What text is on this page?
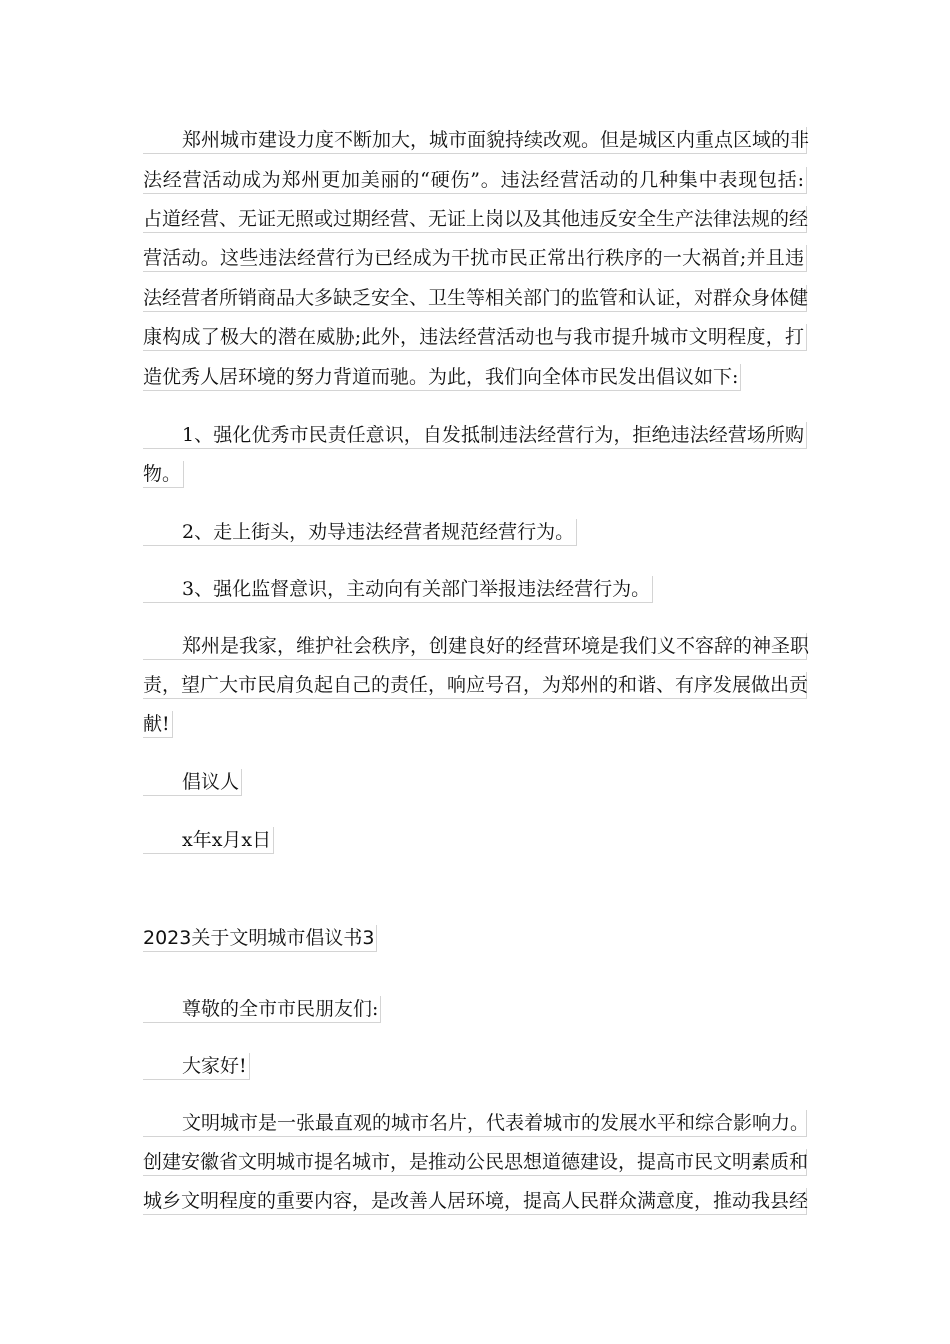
郑州城市建设力度不断加大，城市面貌持续改观。但是城区内重点区域的非
法经营活动成为郑州更加美丽的“硬伤”。违法经营活动的几种集中表现包括:
占道经营、无证无照或过期经营、无证上岗以及其他违反安全生产法律法规的经
营活动。这些违法经营行为已经成为干扰市民正常出行秩序的一大祸首;并且违
法经营者所销商品大多缺乏安全、卫生等相关部门的监管和认证，对群众身体健
康构成了极大的潜在威胁;此外，违法经营活动也与我市提升城市文明程度，打
造优秀人居环境的努力背道而驰。为此，我们向全体市民发出倡议如下:
1、强化优秀市民责任意识，自发抵制违法经营行为，拒绝违法经营场所购
物。
2、走上街头，劝导违法经营者规范经营行为。
3、强化监督意识，主动向有关部门举报违法经营行为。
郑州是我家，维护社会秩序，创建良好的经营环境是我们义不容辞的神圣职
责，望广大市民肩负起自己的责任，响应号召，为郑州的和谐、有序发展做出贡
献!
倡议人
x年x月x日
2023关于文明城市倡议书3
尊敬的全市市民朋友们:
大家好!
文明城市是一张最直观的城市名片，代表着城市的发展水平和综合影响力。
创建安徽省文明城市提名城市，是推动公民思想道德建设，提高市民文明素质和
城乡文明程度的重要内容，是改善人居环境，提高人民群众满意度，推动我县经
